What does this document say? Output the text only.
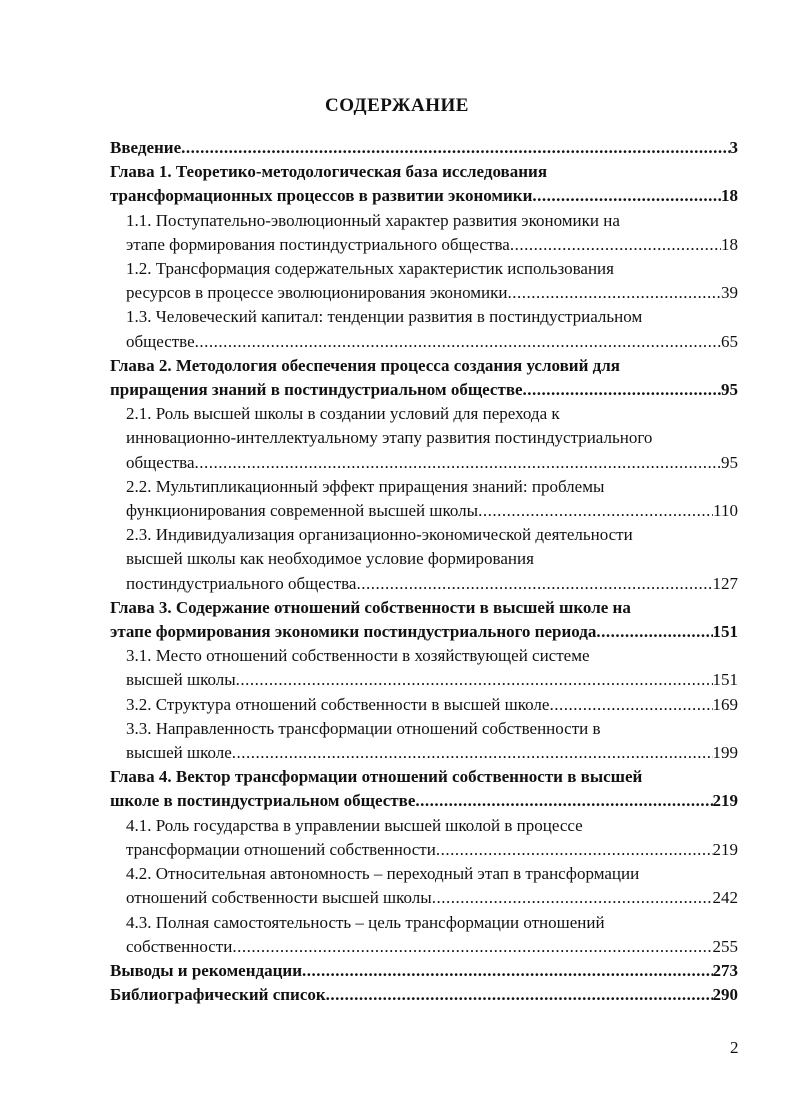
СОДЕРЖАНИЕ
Введение .....	3
Глава 1. Теоретико-методологическая база исследования
трансформационных процессов в развитии экономики .....	18
1.1. Поступательно-эволюционный характер развития экономики на
этапе формирования постиндустриального общества .....	18
1.2. Трансформация содержательных характеристик использования
ресурсов в процессе эволюционирования экономики .....	39
1.3. Человеческий капитал: тенденции развития в постиндустриальном
обществе .....	65
Глава 2. Методология обеспечения процесса создания условий для
приращения знаний в постиндустриальном обществе .....	95
2.1. Роль высшей школы в создании условий для перехода к
инновационно-интеллектуальному этапу развития постиндустриального
общества .....	95
2.2. Мультипликационный эффект приращения знаний: проблемы
функционирования современной высшей школы .....	110
2.3. Индивидуализация организационно-экономической деятельности
высшей школы как необходимое условие формирования
постиндустриального общества .....	127
Глава 3. Содержание отношений собственности в высшей школе на
этапе формирования экономики постиндустриального периода .....	151
3.1. Место отношений собственности в хозяйствующей системе
высшей школы .....	151
3.2. Структура отношений собственности в высшей школе .....	169
3.3. Направленность трансформации отношений собственности в
высшей школе .....	199
Глава 4. Вектор трансформации отношений собственности в высшей
школе в постиндустриальном обществе .....	219
4.1. Роль государства в управлении высшей школой в процессе
трансформации отношений собственности .....	219
4.2. Относительная автономность – переходный этап в трансформации
отношений собственности высшей школы .....	242
4.3. Полная самостоятельность – цель трансформации отношений
собственности .....	255
Выводы и рекомендации .....	273
Библиографический список .....	290
2
